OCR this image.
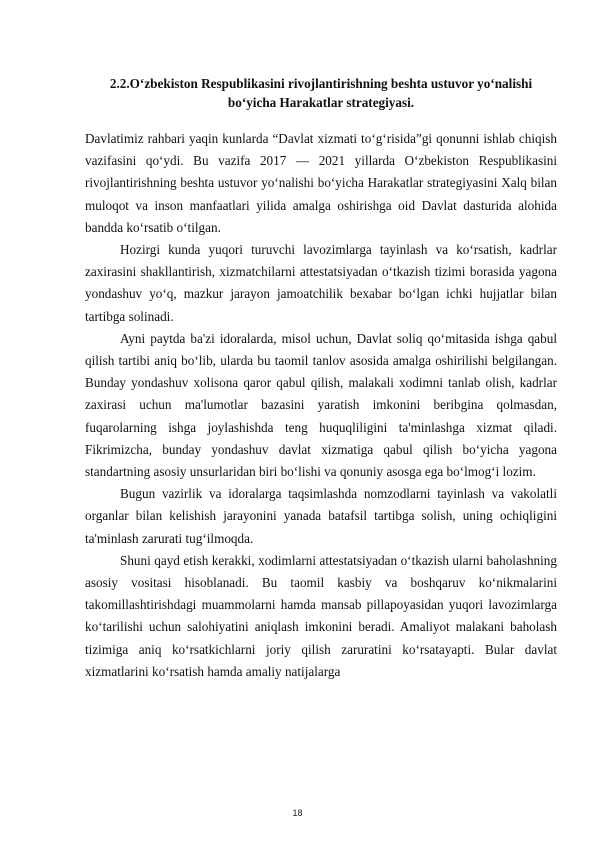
2.2.O‘zbekiston Respublikasini rivojlantirishning beshta ustuvor yo‘nalishi
bo‘yicha Harakatlar strategiyasi.

Davlatimiz rahbari yaqin kunlarda “Davlat xizmati to‘g‘risida”gi qonunni ishlab chiqish vazifasini qo‘ydi. Bu vazifa 2017 — 2021 yillarda O‘zbekiston Respublikasini rivojlantirishning beshta ustuvor yo‘nalishi bo‘yicha Harakatlar strategiyasini Xalq bilan muloqot va inson manfaatlari yilida amalga oshirishga oid Davlat dasturida alohida bandda ko‘rsatib o‘tilgan.

Hozirgi kunda yuqori turuvchi lavozimlarga tayinlash va ko‘rsatish, kadrlar zaxirasini shakllantirish, xizmatchilarni attestatsiyadan o‘tkazish tizimi borasida yagona yondashuv yo‘q, mazkur jarayon jamoatchilik bexabar bo‘lgan ichki hujjatlar bilan tartibga solinadi.

Ayni paytda ba'zi idoralarda, misol uchun, Davlat soliq qo‘mitasida ishga qabul qilish tartibi aniq bo‘lib, ularda bu taomil tanlov asosida amalga oshirilishi belgilangan. Bunday yondashuv xolisona qaror qabul qilish, malakali xodimni tanlab olish, kadrlar zaxirasi uchun ma'lumotlar bazasini yaratish imkonini beribgina qolmasdan, fuqarolarning ishga joylashishda teng huquqliligini ta'minlashga xizmat qiladi. Fikrimizcha, bunday yondashuv davlat xizmatiga qabul qilish bo‘yicha yagona standartning asosiy unsurlaridan biri bo‘lishi va qonuniy asosga ega bo‘lmog‘i lozim.

Bugun vazirlik va idoralarga taqsimlashda nomzodlarni tayinlash va vakolatli organlar bilan kelishish jarayonini yanada batafsil tartibga solish, uning ochiqligini ta'minlash zarurati tug‘ilmoqda.

Shuni qayd etish kerakki, xodimlarni attestatsiyadan o‘tkazish ularni baholashning asosiy vositasi hisoblanadi. Bu taomil kasbiy va boshqaruv ko‘nikmalarini takomillashtirishdagi muammolarni hamda mansab pillapoyasidan yuqori lavozimlarga ko‘tarilishi uchun salohiyatini aniqlash imkonini beradi. Amaliyot malakani baholash tizimiga aniq ko‘rsatkichlarni joriy qilish zaruratini ko‘rsatayapti. Bular davlat xizmatlarini ko‘rsatish hamda amaliy natijalarga

18
